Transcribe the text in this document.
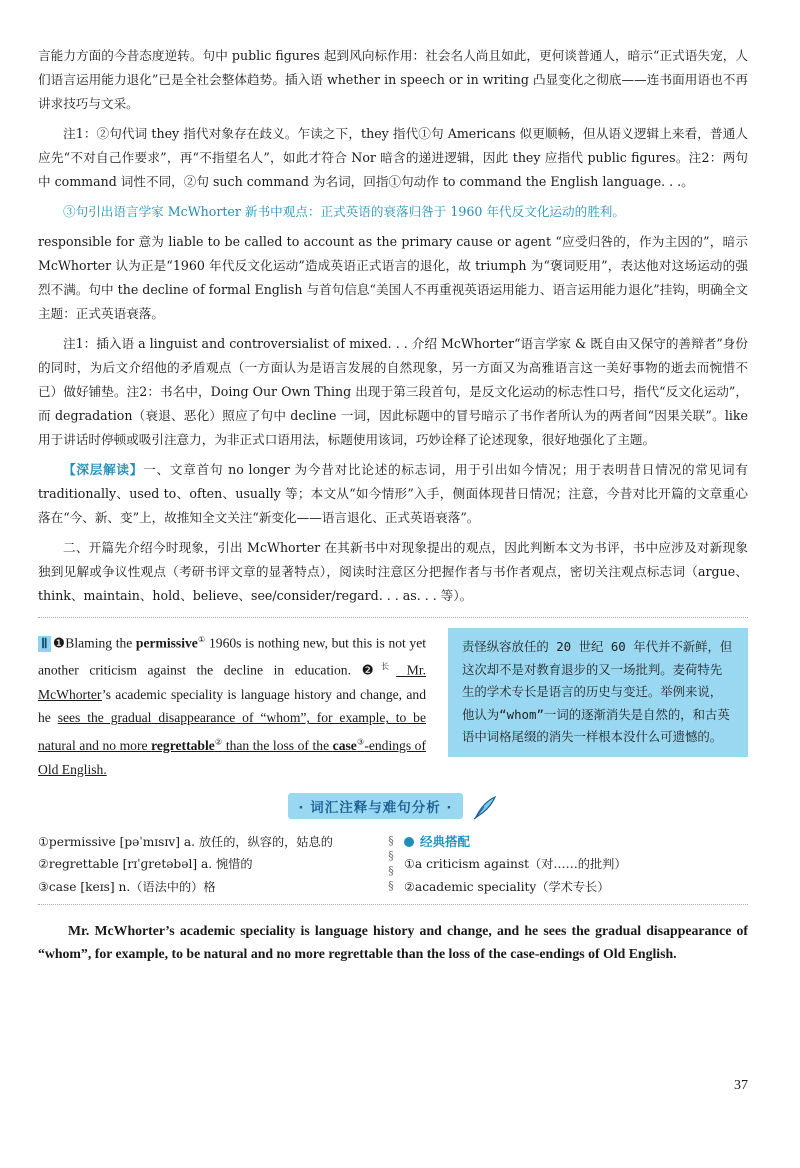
言能力方面的今昔态度逆转。句中 public figures 起到风向标作用：社会名人尚且如此，更何谈普通人，暗示“正式语失宠，人们语言运用能力退化”已是全社会整体趋势。插入语 whether in speech or in writing 凸显变化之彻底——连书面用语也不再讲求技巧与文采。

注1：②句代词 they 指代对象存在歧义。乍读之下，they 指代①句 Americans 似更顺畅，但从语义逻辑上来看，普通人应先“不对自己作要求”，再“不指望名人”，如此才符合 Nor 暗含的递进逻辑，因此 they 应指代 public figures。注2：两句中 command 词性不同，②句 such command 为名词，回指①句动作 to command the English language. . .。

③句引出语言学家 McWhorter 新书中观点：正式英语的衰落归咎于 1960 年代反文化运动的胜利。

responsible for 意为 liable to be called to account as the primary cause or agent “应受归咎的，作为主因的”，暗示 McWhorter 认为正是“1960 年代反文化运动”造成英语正式语言的退化，故 triumph 为“褒词贬用”，表达他对这场运动的强烈不满。句中 the decline of formal English 与首句信息“美国人不再重视英语运用能力、语言运用能力退化”挂钩，明确全文主题：正式英语衰落。

注1：插入语 a linguist and controversialist of mixed. . . 介绍 McWhorter“语言学家 & 既自由又保守的善辩者”身份的同时，为后文介绍他的矛盾观点（一方面认为是语言发展的自然现象，另一方面又为高雅语言这一美好事物的逝去而惋惜不已）做好铺垫。注2：书名中，Doing Our Own Thing 出现于第三段首句，是反文化运动的标志性口号，指代“反文化运动”，而 degradation（衰退、恶化）照应了句中 decline 一词，因此标题中的冒号暗示了书作者所认为的两者间“因果关联”。like 用于讲话时停顿或吸引注意力，为非正式口语用法，标题使用该词，巧妙诠释了论述现象，很好地强化了主题。

【深层解读】一、文章首句 no longer 为今昔对比论述的标志词，用于引出如今情况；用于表明昔日情况的常见词有 traditionally、used to、often、usually 等；本文从“如今情形”入手，侧面体现昔日情况；注意，今昔对比开篇的文章重心落在“今、新、变”上，故推知全文关注“新变化——语言退化、正式英语衰落”。

二、开篇先介绍今时现象，引出 McWhorter 在其新书中对现象提出的观点，因此判断本文为书评，书中应涉及对新现象独到见解或争议性观点（考研书评文章的显著特点），阅读时注意区分把握作者与书作者观点，密切关注观点标志词（argue、think、maintain、hold、believe、see/consider/regard. . . as. . . 等）。

Ⅱ ❶Blaming the permissive① 1960s is nothing new, but this is not yet another criticism against the decline in education. ❷$^长$ Mr. McWhorter’s academic speciality is language history and change, and he sees the gradual disappearance of “whom”, for example, to be natural and no more regrettable② than the loss of the case③-endings of Old English.
责怪纵容放任的 20 世纪 60 年代并不新鲜，但这次却不是对教育退步的又一场批判。麦荷特先生的学术专长是语言的历史与变迁。举例来说，他认为“whom”一词的逐渐消失是自然的，和古英语中词格尾缀的消失一样根本没什么可遗憾的。
· 词汇注释与难句分析 ·
①permissive [pəˈmɪsɪv] a. 放任的，纵容的，姑息的
②regrettable [rɪˈɡretəbəl] a. 惋惜的
③case [keɪs] n.（语法中的）格
§
§
§
§
经典搭配
①a criticism against（对……的批判）
②academic speciality（学术专长）
Mr. McWhorter’s academic speciality is language history and change, and he sees the gradual disappearance of “whom”, for example, to be natural and no more regrettable than the loss of the case-endings of Old English.
37
